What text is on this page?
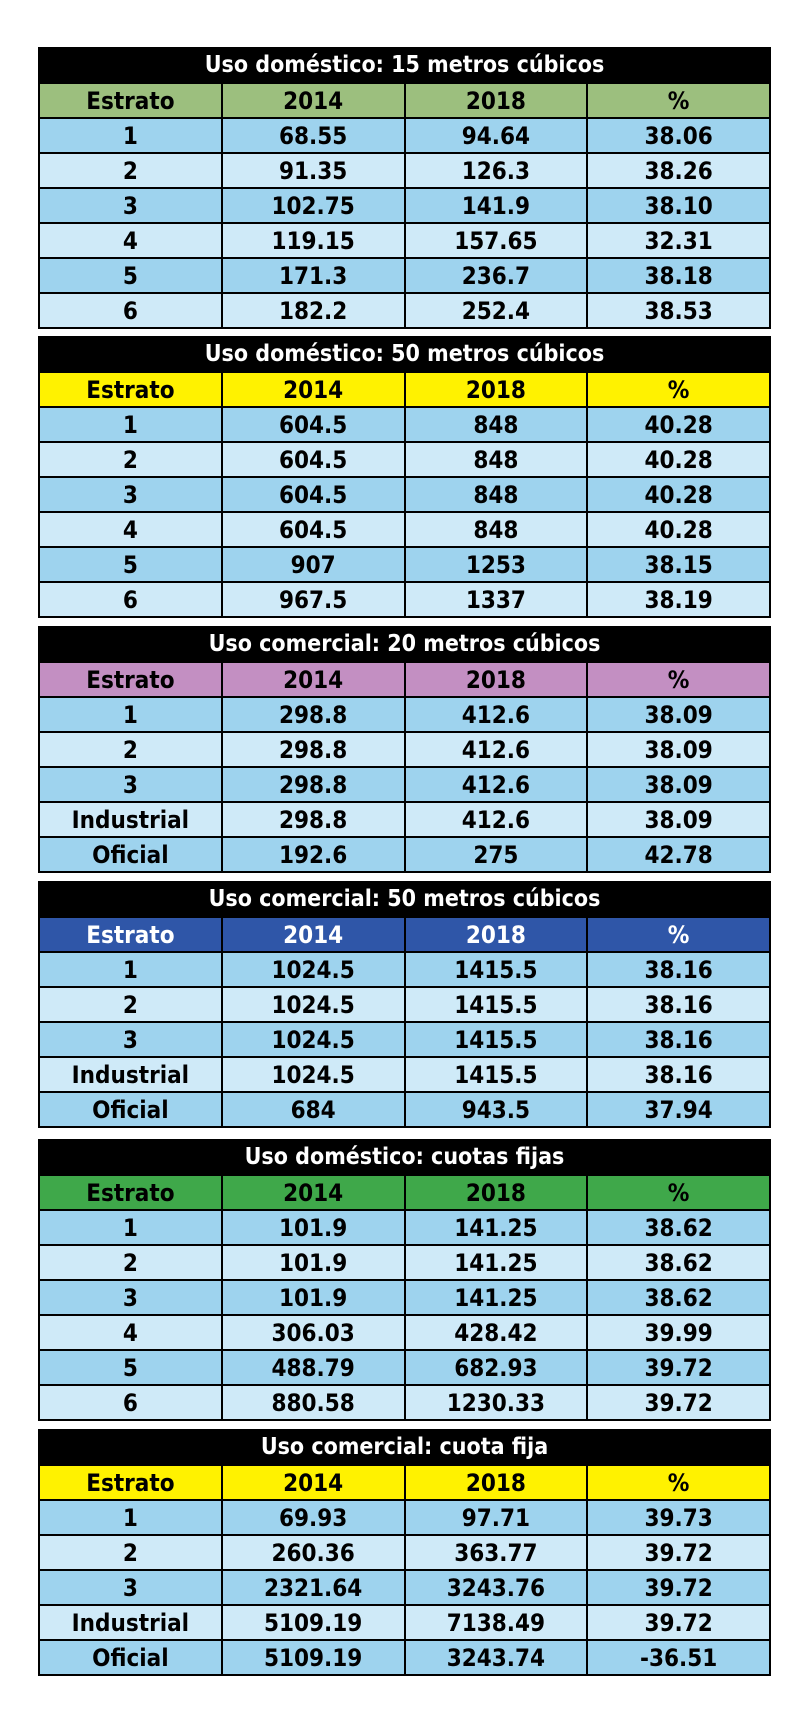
Uso doméstico: 15 metros cúbicos			
Estrato	2014	2018	%
1	68.55	94.64	38.06
2	91.35	126.3	38.26
3	102.75	141.9	38.10
4	119.15	157.65	32.31
5	171.3	236.7	38.18
6	182.2	252.4	38.53
Uso doméstico: 50 metros cúbicos			
Estrato	2014	2018	%
1	604.5	848	40.28
2	604.5	848	40.28
3	604.5	848	40.28
4	604.5	848	40.28
5	907	1253	38.15
6	967.5	1337	38.19
Uso comercial: 20 metros cúbicos			
Estrato	2014	2018	%
1	298.8	412.6	38.09
2	298.8	412.6	38.09
3	298.8	412.6	38.09
Industrial	298.8	412.6	38.09
Oficial	192.6	275	42.78
Uso comercial: 50 metros cúbicos			
Estrato	2014	2018	%
1	1024.5	1415.5	38.16
2	1024.5	1415.5	38.16
3	1024.5	1415.5	38.16
Industrial	1024.5	1415.5	38.16
Oficial	684	943.5	37.94
Uso doméstico: cuotas fijas			
Estrato	2014	2018	%
1	101.9	141.25	38.62
2	101.9	141.25	38.62
3	101.9	141.25	38.62
4	306.03	428.42	39.99
5	488.79	682.93	39.72
6	880.58	1230.33	39.72
Uso comercial: cuota fija			
Estrato	2014	2018	%
1	69.93	97.71	39.73
2	260.36	363.77	39.72
3	2321.64	3243.76	39.72
Industrial	5109.19	7138.49	39.72
Oficial	5109.19	3243.74	-36.51
